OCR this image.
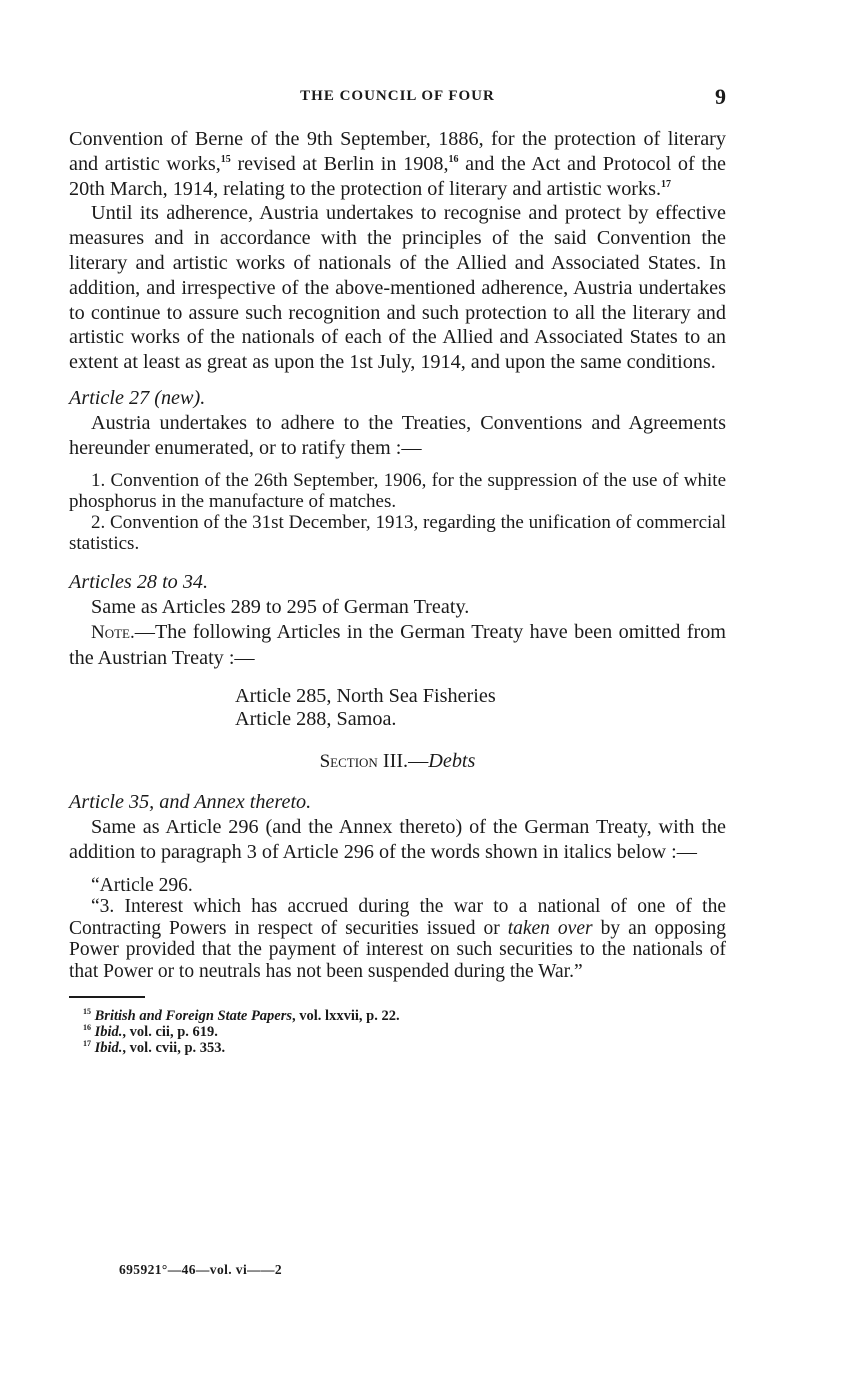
THE COUNCIL OF FOUR	9

Convention of Berne of the 9th September, 1886, for the protection of literary and artistic works,$^{15}$ revised at Berlin in 1908,16 and the Act and Protocol of the 20th March, 1914, relating to the protection of literary and artistic works.$^{17}$

Until its adherence, Austria undertakes to recognise and protect by effective measures and in accordance with the principles of the said Convention the literary and artistic works of nationals of the Allied and Associated States. In addition, and irrespective of the above-mentioned adherence, Austria undertakes to continue to assure such recognition and such protection to all the literary and artistic works of the nationals of each of the Allied and Associated States to an extent at least as great as upon the 1st July, 1914, and upon the same conditions.

Article 27 (new).

Austria undertakes to adhere to the Treaties, Conventions and Agreements hereunder enumerated, or to ratify them :—

1. Convention of the 26th September, 1906, for the suppression of the use of white phosphorus in the manufacture of matches.

2. Convention of the 31st December, 1913, regarding the unification of commercial statistics.

Articles 28 to 34.

Same as Articles 289 to 295 of German Treaty.

Note.—The following Articles in the German Treaty have been omitted from the Austrian Treaty :—

Article 285, North Sea Fisheries
Article 288, Samoa.

Section III.—Debts

Article 35, and Annex thereto.

Same as Article 296 (and the Annex thereto) of the German Treaty, with the addition to paragraph 3 of Article 296 of the words shown in italics below :—

“Article 296.

“3. Interest which has accrued during the war to a national of one of the Contracting Powers in respect of securities issued or taken over by an opposing Power provided that the payment of interest on such securities to the nationals of that Power or to neutrals has not been suspended during the War.”

$^{15}$ British and Foreign State Papers, vol. lxxvii, p. 22.
$^{16}$ Ibid., vol. cii, p. 619.
$^{17}$ Ibid., vol. cvii, p. 353.
695921°—46—vol. vi——2
